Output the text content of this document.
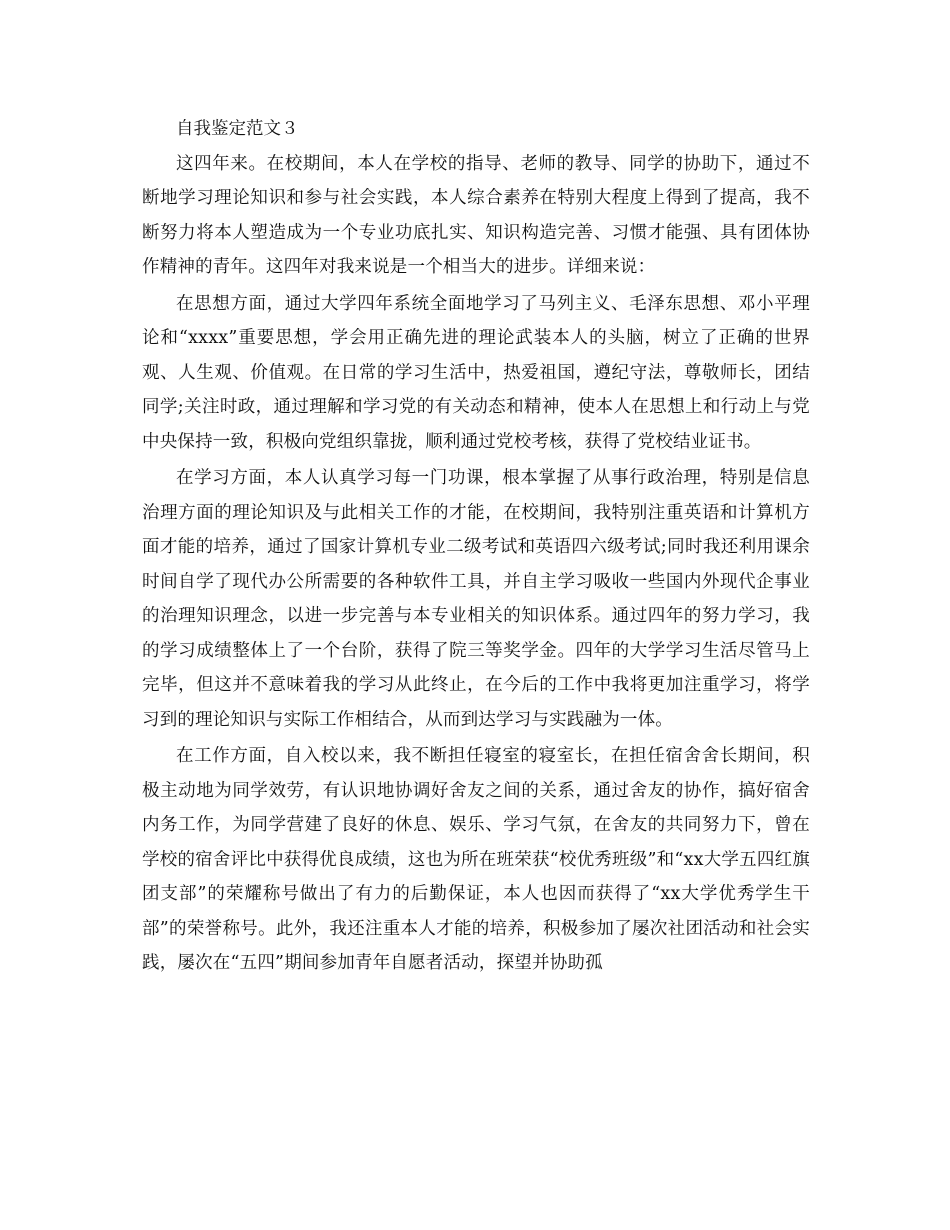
自我鉴定范文３

这四年来。在校期间，本人在学校的指导、老师的教导、同学的协助下，通过不断地学习理论知识和参与社会实践，本人综合素养在特别大程度上得到了提高，我不断努力将本人塑造成为一个专业功底扎实、知识构造完善、习惯才能强、具有团体协作精神的青年。这四年对我来说是一个相当大的进步。详细来说：

在思想方面，通过大学四年系统全面地学习了马列主义、毛泽东思想、邓小平理论和“xxxx”重要思想，学会用正确先进的理论武装本人的头脑，树立了正确的世界观、人生观、价值观。在日常的学习生活中，热爱祖国，遵纪守法，尊敬师长，团结同学;关注时政，通过理解和学习党的有关动态和精神，使本人在思想上和行动上与党中央保持一致，积极向党组织靠拢，顺利通过党校考核，获得了党校结业证书。

在学习方面，本人认真学习每一门功课，根本掌握了从事行政治理，特别是信息治理方面的理论知识及与此相关工作的才能，在校期间，我特别注重英语和计算机方面才能的培养，通过了国家计算机专业二级考试和英语四六级考试;同时我还利用课余时间自学了现代办公所需要的各种软件工具，并自主学习吸收一些国内外现代企事业的治理知识理念，以进一步完善与本专业相关的知识体系。通过四年的努力学习，我的学习成绩整体上了一个台阶，获得了院三等奖学金。四年的大学学习生活尽管马上完毕，但这并不意味着我的学习从此终止，在今后的工作中我将更加注重学习，将学习到的理论知识与实际工作相结合，从而到达学习与实践融为一体。

在工作方面，自入校以来，我不断担任寝室的寝室长，在担任宿舍舍长期间，积极主动地为同学效劳，有认识地协调好舍友之间的关系，通过舍友的协作，搞好宿舍内务工作，为同学营建了良好的休息、娱乐、学习气氛，在舍友的共同努力下，曾在学校的宿舍评比中获得优良成绩，这也为所在班荣获“校优秀班级”和“xx大学五四红旗团支部”的荣耀称号做出了有力的后勤保证，本人也因而获得了“xx大学优秀学生干部”的荣誉称号。此外，我还注重本人才能的培养，积极参加了屡次社团活动和社会实践，屡次在“五四”期间参加青年自愿者活动，探望并协助孤
